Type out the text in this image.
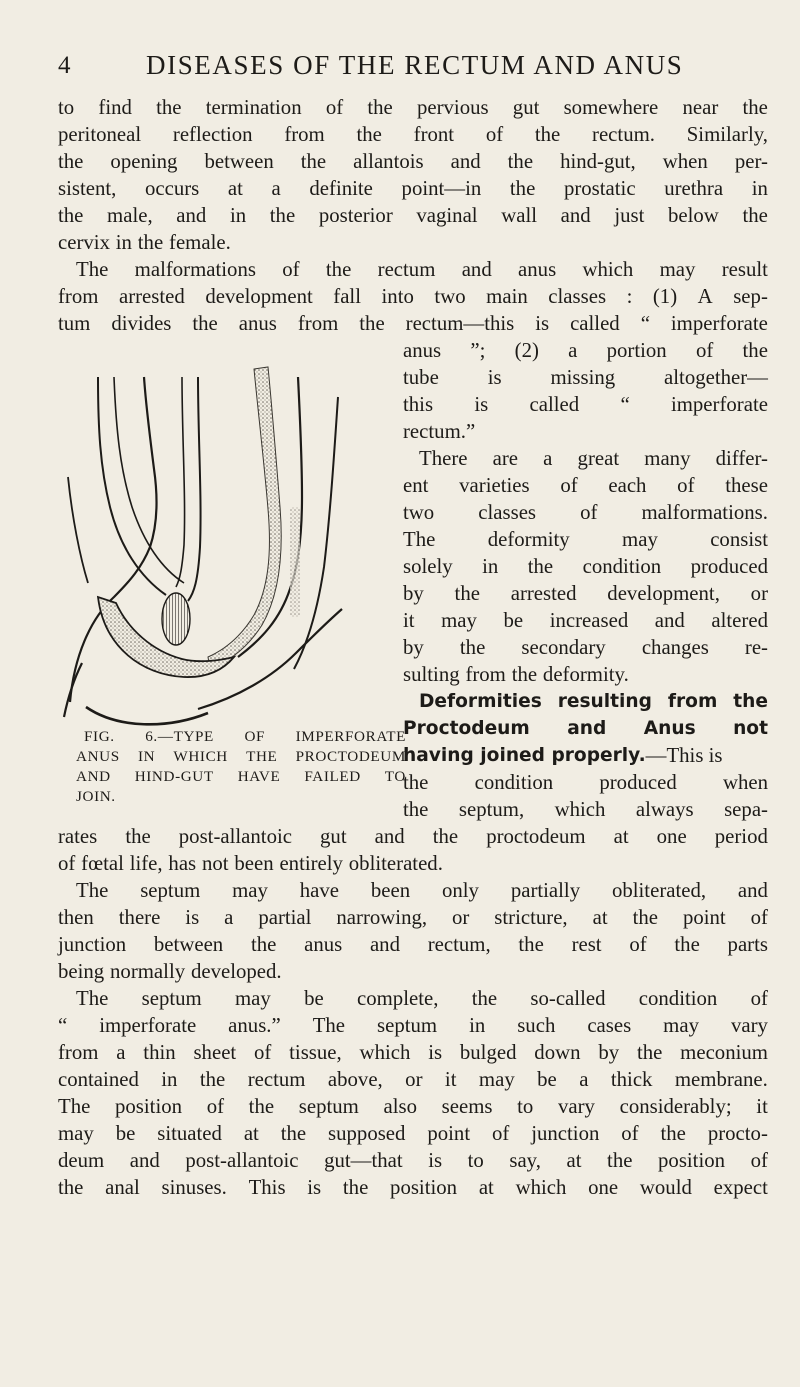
4	DISEASES OF THE RECTUM AND ANUS
to find the termination of the pervious gut somewhere near the
peritoneal reflection from the front of the rectum. Similarly,
the opening between the allantois and the hind-gut, when per-
sistent, occurs at a definite point—in the prostatic urethra in
the male, and in the posterior vaginal wall and just below the
cervix in the female.
The malformations of the rectum and anus which may result
from arrested development fall into two main classes : (1) A sep-
tum divides the anus from the rectum—this is called “ imperforate
anus ”; (2) a portion of the
tube is missing altogether—
this is called “ imperforate
rectum.”
There are a great many differ-
ent varieties of each of these
two classes of malformations.
The	deformity	may	consist
solely in the condition produced
by the arrested development, or
it may be increased and altered
by the secondary changes re-
sulting from the deformity.
Deformities resulting from the
Proctodeum and Anus not
having joined properly. —This is
the condition produced when
the septum, which always sepa-
rates the post-allantoic gut and the proctodeum at one period
of fœtal life, has not been entirely obliterated.
The septum may have been only partially obliterated, and
then there is a partial narrowing, or stricture, at the point of
junction between the anus and rectum, the rest of the parts
being normally developed.
The septum may be complete, the so-called condition of
“ imperforate anus.” The septum in such cases may vary
from a thin sheet of tissue, which is bulged down by the meconium
contained in the rectum above, or it may be a thick membrane.
The position of the septum also seems to vary considerably; it
may be situated at the supposed point of junction of the procto-
deum and post-allantoic gut—that is to say, at the position of
the anal sinuses. This is the position at which one would expect
FIG. 6.—TYPE OF IMPERFORATE
ANUS IN WHICH THE PROCTODEUM
AND HIND-GUT HAVE FAILED TO
JOIN.
